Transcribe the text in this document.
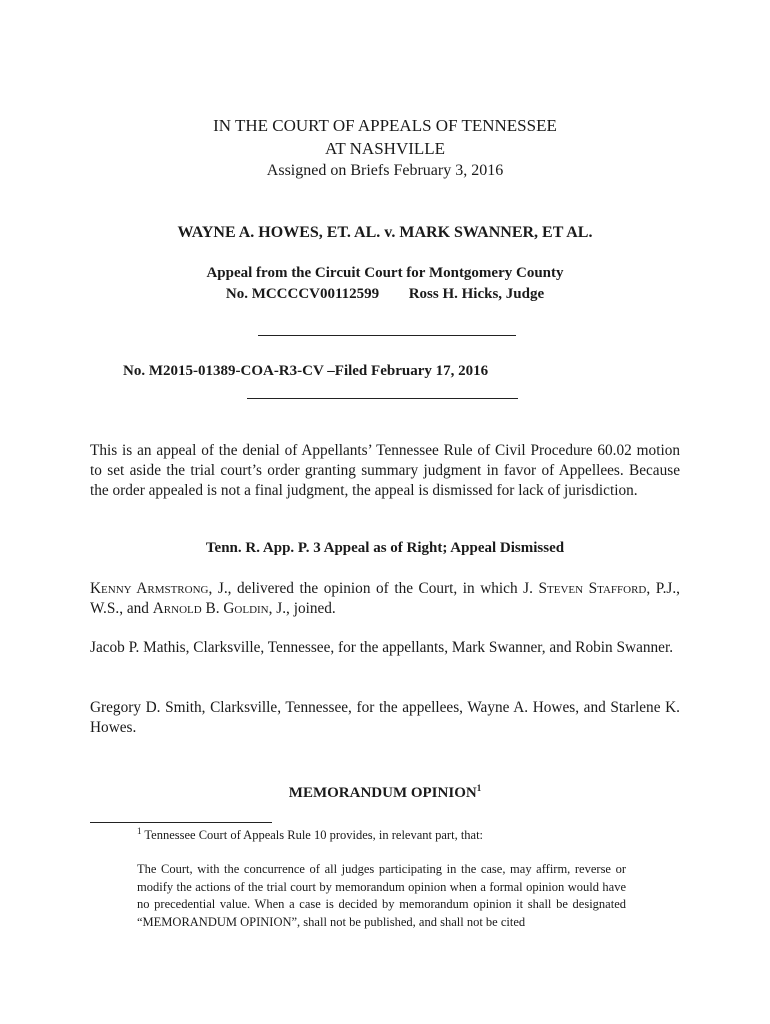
IN THE COURT OF APPEALS OF TENNESSEE
AT NASHVILLE
Assigned on Briefs February 3, 2016
WAYNE A. HOWES, ET. AL. v. MARK SWANNER, ET AL.
Appeal from the Circuit Court for Montgomery County
No. MCCCCV00112599 Ross H. Hicks, Judge
No. M2015-01389-COA-R3-CV –Filed February 17, 2016
This is an appeal of the denial of Appellants’ Tennessee Rule of Civil Procedure 60.02 motion to set aside the trial court’s order granting summary judgment in favor of Appellees. Because the order appealed is not a final judgment, the appeal is dismissed for lack of jurisdiction.
Tenn. R. App. P. 3 Appeal as of Right; Appeal Dismissed
Kenny Armstrong, J., delivered the opinion of the Court, in which J. Steven Stafford, P.J., W.S., and Arnold B. Goldin, J., joined.
Jacob P. Mathis, Clarksville, Tennessee, for the appellants, Mark Swanner, and Robin Swanner.
Gregory D. Smith, Clarksville, Tennessee, for the appellees, Wayne A. Howes, and Starlene K. Howes.
MEMORANDUM OPINION$^1$
$^1$ Tennessee Court of Appeals Rule 10 provides, in relevant part, that:
The Court, with the concurrence of all judges participating in the case, may affirm, reverse or modify the actions of the trial court by memorandum opinion when a formal opinion would have no precedential value. When a case is decided by memorandum opinion it shall be designated “MEMORANDUM OPINION”, shall not be published, and shall not be cited
